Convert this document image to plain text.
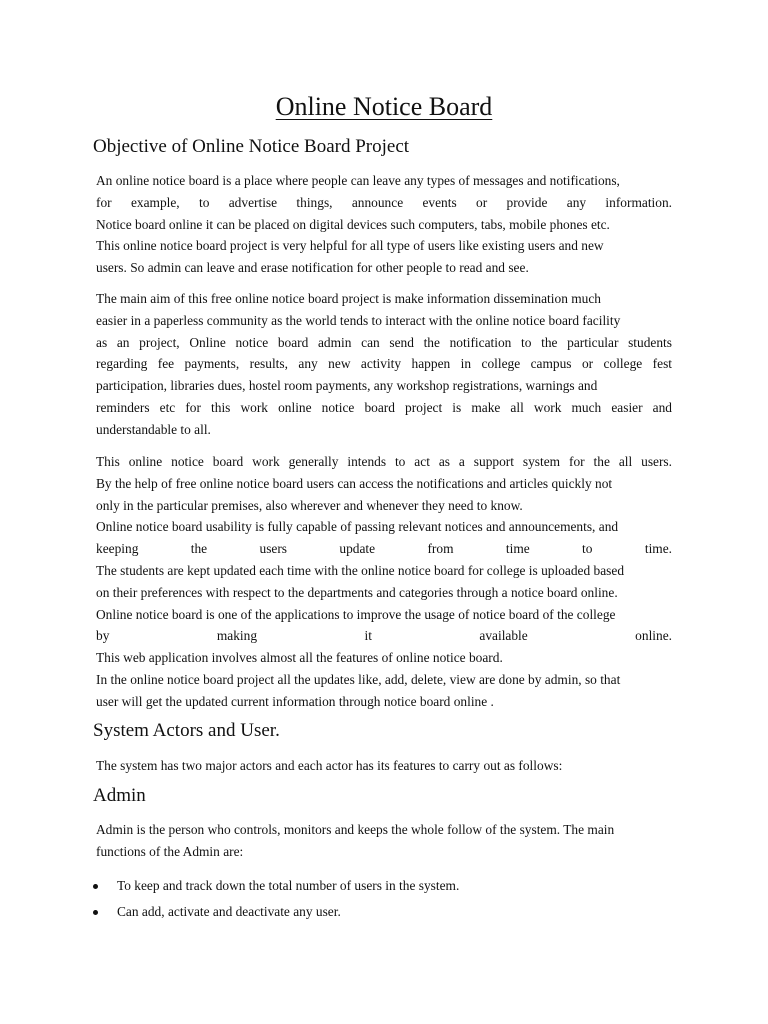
Online Notice Board
Objective of Online Notice Board Project
An online notice board is a place where people can leave any types of messages and notifications,
for example, to advertise things, announce events or provide any information.
Notice board online it can be placed on digital devices such computers, tabs, mobile phones etc.
This online notice board project is very helpful for all type of users like existing users and new
users. So admin can leave and erase notification for other people to read and see.
The main aim of this free online notice board project is make information dissemination much
easier in a paperless community as the world tends to interact with the online notice board facility
as an project, Online notice board admin can send the notification to the particular students
regarding fee payments, results, any new activity happen in college campus or college fest
participation, libraries dues, hostel room payments, any workshop registrations, warnings and
reminders etc for this work online notice board project is make all work much easier and
understandable to all.
This online notice board work generally intends to act as a support system for the all users.
By the help of free online notice board users can access the notifications and articles quickly not
only in the particular premises, also wherever and whenever they need to know.
Online notice board usability is fully capable of passing relevant notices and announcements, and
keeping the users update from time to time.
The students are kept updated each time with the online notice board for college is uploaded based
on their preferences with respect to the departments and categories through a notice board online.
Online notice board is one of the applications to improve the usage of notice board of the college
by making it available online.
This web application involves almost all the features of online notice board.
In the online notice board project all the updates like, add, delete, view are done by admin, so that
user will get the updated current information through notice board online .
System Actors and User.
The system has two major actors and each actor has its features to carry out as follows:
Admin
Admin is the person who controls, monitors and keeps the whole follow of the system. The main
functions of the Admin are:
To keep and track down the total number of users in the system.
Can add, activate and deactivate any user.
